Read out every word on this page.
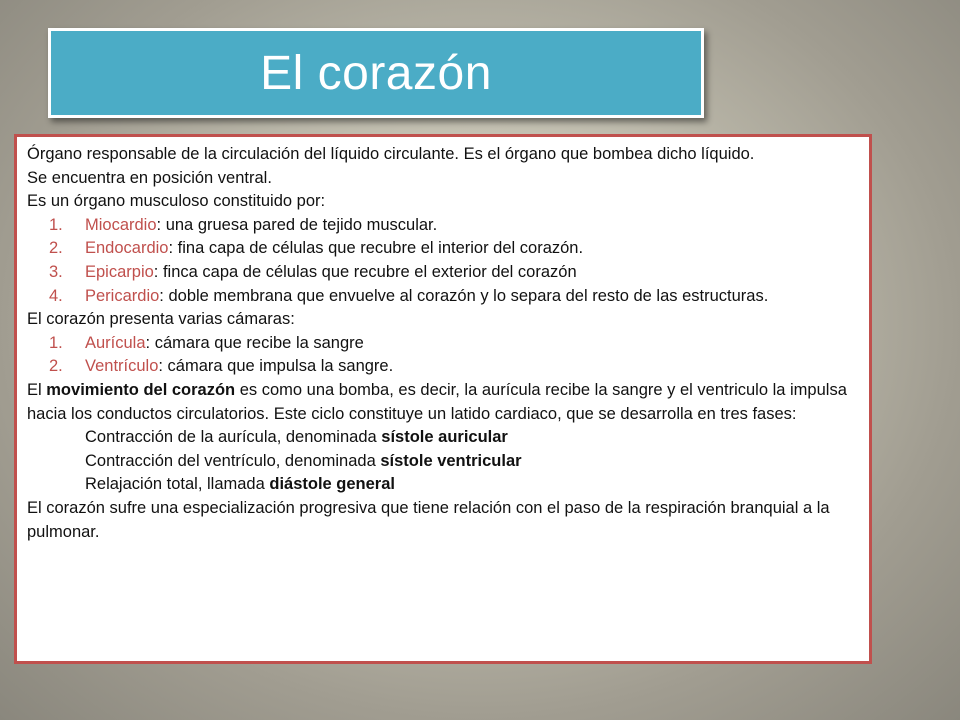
El corazón

Órgano responsable de la circulación del líquido circulante. Es el órgano que bombea dicho líquido.

Se encuentra en posición ventral.

Es un órgano musculoso constituido por:

1. Miocardio: una gruesa pared de tejido muscular.

2. Endocardio: fina capa de células que recubre el interior del corazón.

3. Epicarpio: finca capa de células que recubre el exterior del corazón

4. Pericardio: doble membrana que envuelve al corazón y lo separa del resto de las estructuras.

El corazón presenta varias cámaras:

1. Aurícula: cámara que recibe la sangre

2. Ventrículo: cámara que impulsa la sangre.

El movimiento del corazón es como una bomba, es decir, la aurícula recibe la sangre y el ventriculo la impulsa hacia los conductos circulatorios. Este ciclo constituye un latido cardiaco, que se desarrolla en tres fases:

Contracción de la aurícula, denominada sístole auricular

Contracción del ventrículo, denominada sístole ventricular

Relajación total, llamada diástole general

El corazón sufre una especialización progresiva que tiene relación con el paso de la respiración branquial a la pulmonar.
